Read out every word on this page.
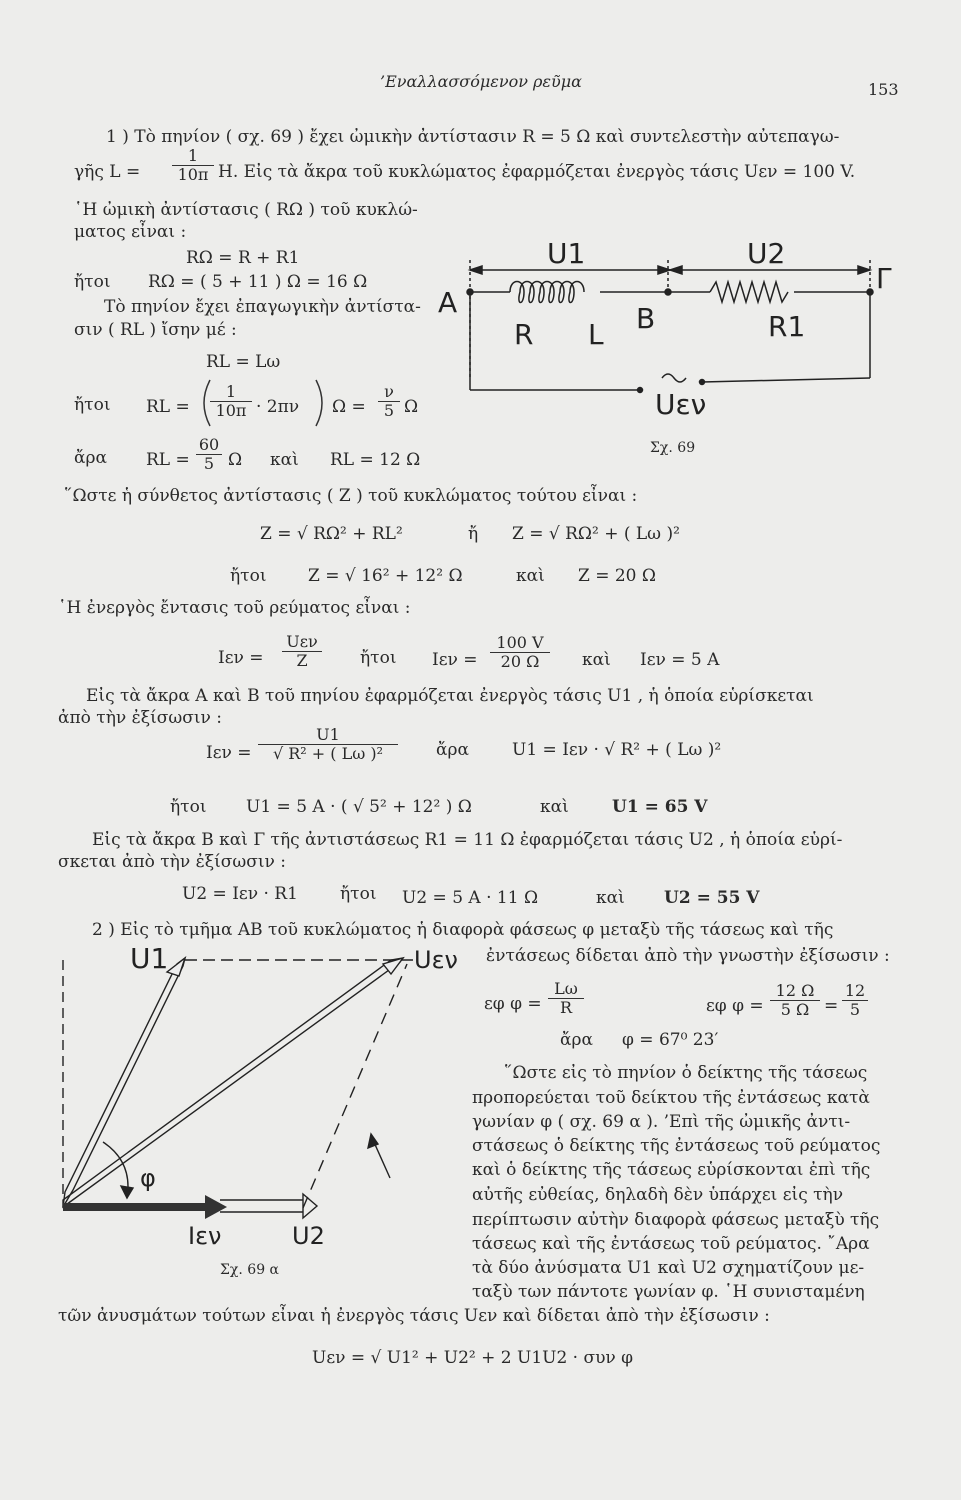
’Εναλλασσόμενον ρεῦμα	153
1 ) Τὸ πηνίον ( σχ. 69 ) ἔχει ὠμικὴν ἀντίστασιν R = 5 Ω καὶ συντελεστὴν αὐτεπαγω-
γῆς $L = \frac{1}{10\pi} H$. Εἰς τὰ ἄκρα τοῦ κυκλώματος ἐφαρμόζεται ἐνεργὸς τάσις Uεν = 100 V.
῾Η ὠμικὴ ἀντίστασις ( RΩ ) τοῦ κυκλώ-
ματος εἶναι :
RΩ = R + R1
ἤτοι RΩ = ( 5 + 11 ) Ω = 16 Ω
Τὸ πηνίον ἔχει ἐπαγωγικὴν ἀντίστα-
σιν ( RL ) ἴσην μέ :
RL = Lω
ἤτοι RL = $\frac{1}{10\pi} \cdot 2\pi\nu$ $\Omega = \frac{\nu}{5}$ Ω
ἄρα RL = $\frac{60}{5}$ Ω καὶ RL = 12 Ω
U1	U2
A	B
Γ
R L	R1
Uεν
Σχ. 69
῞Ωστε ἡ σύνθετος ἀντίστασις ( Z ) τοῦ κυκλώματος τούτου εἶναι :
Z = √ RΩ² + RL²	ἤ Z = √ RΩ² + ( Lω )²
ἤτοι Z = √ 16² + 12² Ω	καὶ Z = 20 Ω
῾Η ἐνεργὸς ἔντασις τοῦ ρεύματος εἶναι :
Iεν =
Uεν
Z	ἤτοι $I\varepsilon\nu = \frac{100 V}{20 \Omega}$ καὶ Iεν = 5 A
Εἰς τὰ ἄκρα Α καὶ Β τοῦ πηνίου ἐφαρμόζεται ἐνεργὸς τάσις U1 , ἡ ὁποία εὑρίσκεται
ἀπὸ τὴν ἐξίσωσιν :
$I\varepsilon\nu = \frac{U1}{\text{√ R² + ( Lω )²}}$ ἄρα	U1 = Iεν · √ R² + ( Lω )²
ἤτοι U1 = 5 A · ( √ 5² + 12² ) Ω	καὶ	U1 = 65 V
Εἰς τὰ ἄκρα Β καὶ Γ τῆς ἀντιστάσεως R1 = 11 Ω ἐφαρμόζεται τάσις U2 , ἡ ὁποία εὑρί-
σκεται ἀπὸ τὴν ἐξίσωσιν :
U2 = Iεν · R1 ἤτοι U2 = 5 A · 11 Ω	καὶ U2 = 55 V
2 ) Εἰς τὸ τμῆμα ΑΒ τοῦ κυκλώματος ἡ διαφορὰ φάσεως φ μεταξὺ τῆς τάσεως καὶ τῆς
ἐντάσεως δίδεται ἀπὸ τὴν γνωστὴν ἐξίσωσιν :
εφ $\varphi = \frac{L\omega}{R}$	εφ $\varphi = \frac{12 \Omega}{5 \Omega} = \frac{12}{5}$
ἄρα φ = 67⁰ 23′
῞Ωστε εἰς τὸ πηνίον ὁ δείκτης τῆς τάσεως
προπορεύεται τοῦ δείκτου τῆς ἐντάσεως κατὰ
γωνίαν φ ( σχ. 69 α ). ’Επὶ τῆς ὠμικῆς ἀντι-
στάσεως ὁ δείκτης τῆς ἐντάσεως τοῦ ρεύματος
καὶ ὁ δείκτης τῆς τάσεως εὑρίσκονται ἐπὶ τῆς
αὐτῆς εὐθείας, δηλαδὴ δὲν ὑπάρχει εἰς τὴν
περίπτωσιν αὐτὴν διαφορὰ φάσεως μεταξὺ τῆς
τάσεως καὶ τῆς ἐντάσεως τοῦ ρεύματος. ῎Αρα
τὰ δύο ἀνύσματα U1 καὶ U2 σχηματίζουν με-
ταξὺ των πάντοτε γωνίαν φ. ῾Η συνισταμένη
U1	Uεν
φ
Iεν	U2
Σχ. 69 α
τῶν ἀνυσμάτων τούτων εἶναι ἡ ἐνεργὸς τάσις Uεν καὶ δίδεται ἀπὸ τὴν ἐξίσωσιν :
Uεν = √ U1² + U2² + 2 U1U2 · συν φ
